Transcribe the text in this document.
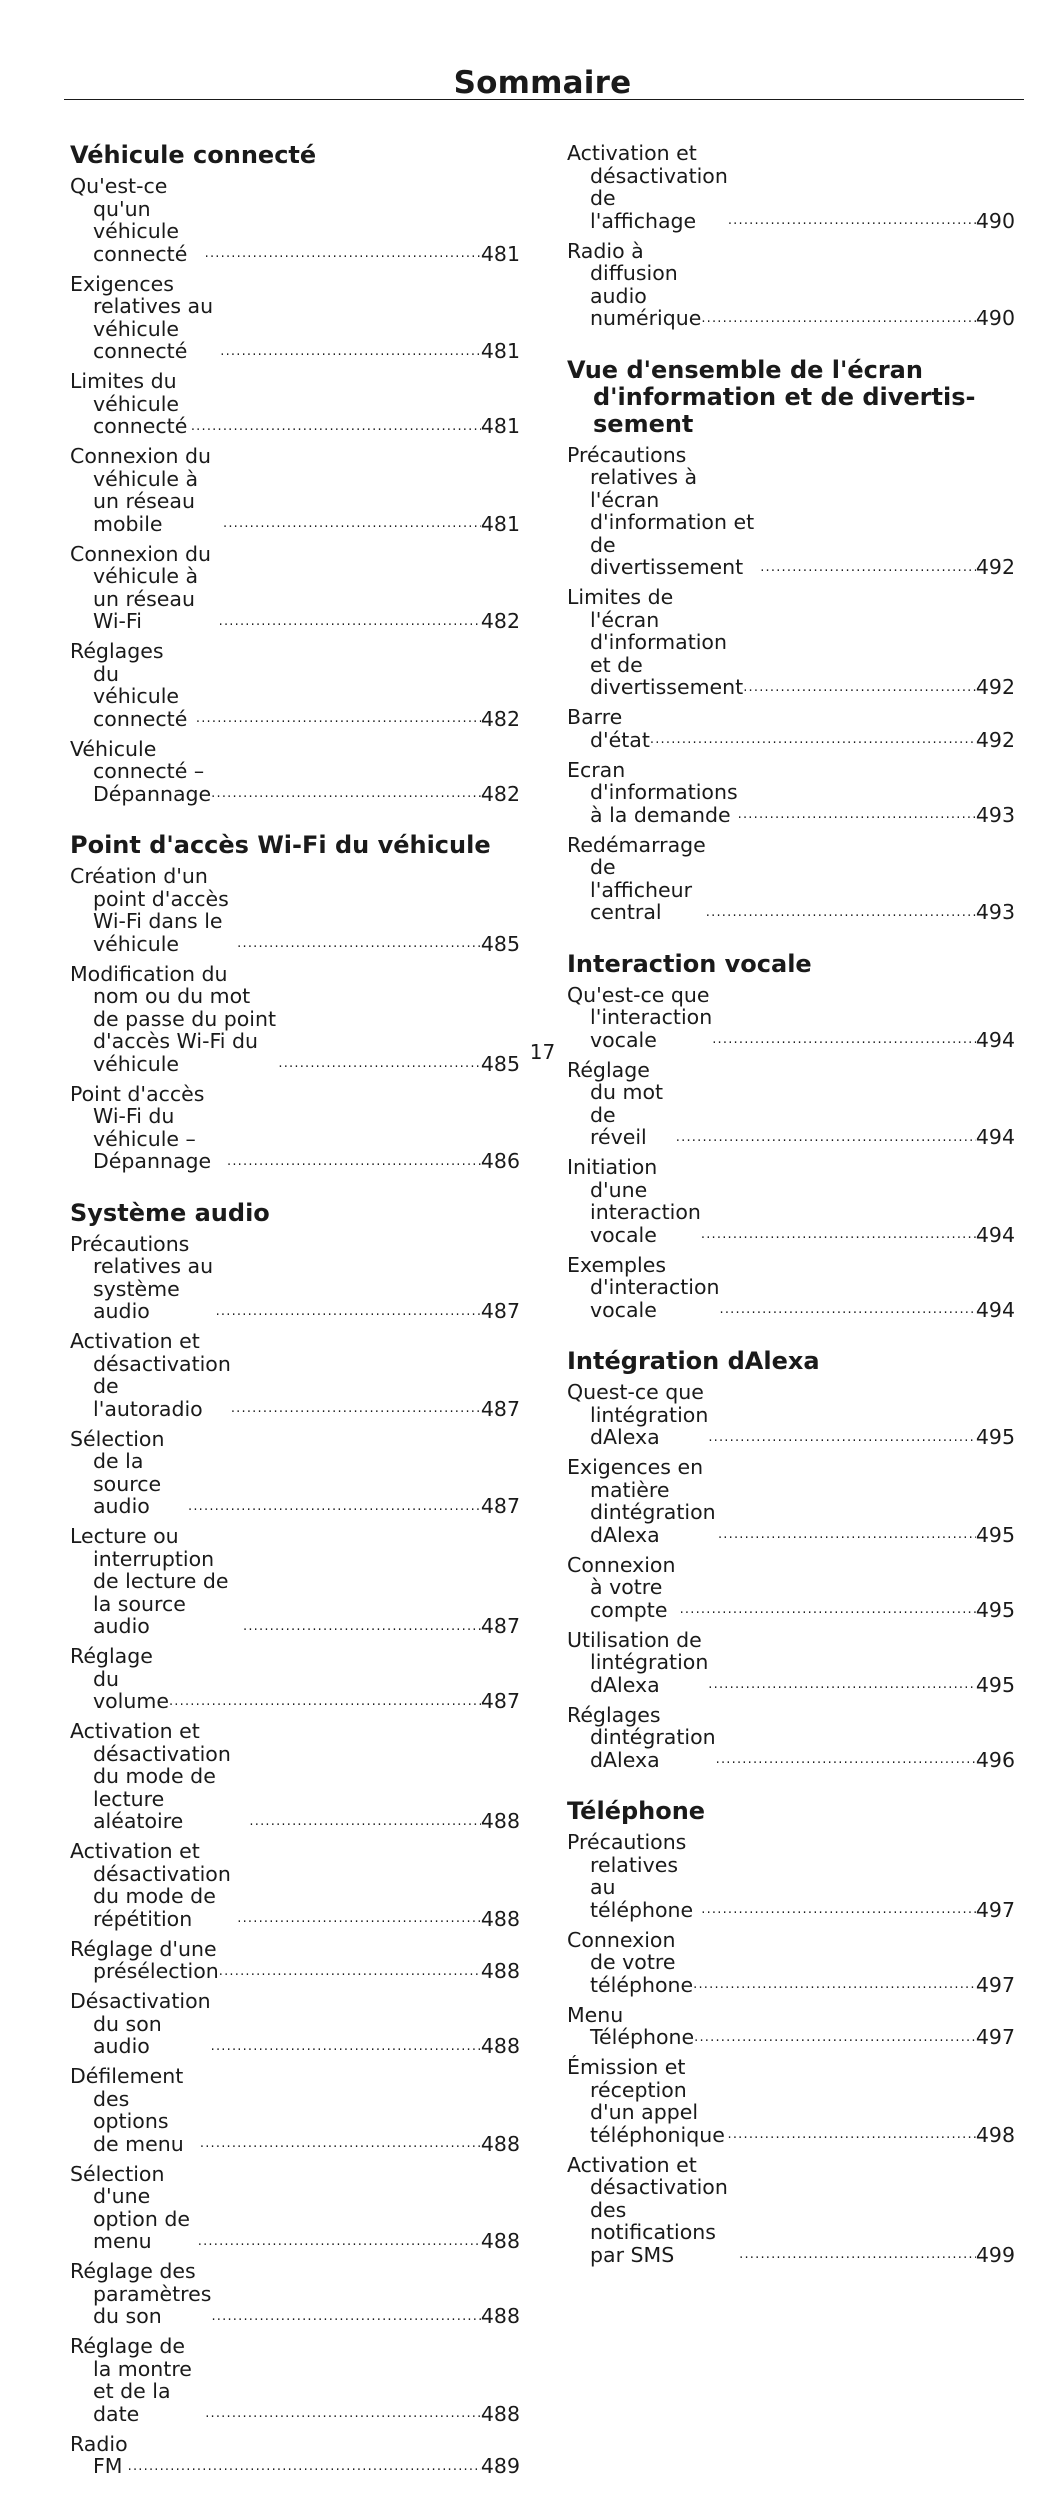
Sommaire
Véhicule connecté
Qu'est-ce qu'un véhicule connecté .....	481
Exigences relatives au véhicule connecté .....	481
Limites du véhicule connecté .....	481
Connexion du véhicule à un réseau mobile .....	481
Connexion du véhicule à un réseau Wi-Fi .....	482
Réglages du véhicule connecté .....	482
Véhicule connecté – Dépannage .....	482
Point d'accès Wi-Fi du véhicule
Création d'un point d'accès Wi-Fi dans le véhicule .....	485
Modification du nom ou du mot de passe du point d'accès Wi-Fi du véhicule .....	485
Point d'accès Wi-Fi du véhicule – Dépannage .....	486
Système audio
Précautions relatives au système audio .....	487
Activation et désactivation de l'autoradio .....	487
Sélection de la source audio .....	487
Lecture ou interruption de lecture de la source audio .....	487
Réglage du volume .....	487
Activation et désactivation du mode de lecture aléatoire .....	488
Activation et désactivation du mode de répétition .....	488
Réglage d'une présélection .....	488
Désactivation du son audio .....	488
Défilement des options de menu .....	488
Sélection d'une option de menu .....	488
Réglage des paramètres du son .....	488
Réglage de la montre et de la date .....	488
Radio FM .....	489
Activation et désactivation de l'affichage .....	490
Radio à diffusion audio numérique .....	490
Vue d'ensemble de l'écran d'information et de divertis-sement
Précautions relatives à l'écran d'information et de divertissement .....	492
Limites de l'écran d'information et de divertissement .....	492
Barre d'état .....	492
Ecran d'informations à la demande .....	493
Redémarrage de l'afficheur central .....	493
Interaction vocale
Qu'est-ce que l'interaction vocale .....	494
Réglage du mot de réveil .....	494
Initiation d'une interaction vocale .....	494
Exemples d'interaction vocale .....	494
Intégration dAlexa
Quest-ce que lintégration dAlexa .....	495
Exigences en matière dintégration dAlexa .....	495
Connexion à votre compte .....	495
Utilisation de lintégration dAlexa .....	495
Réglages dintégration dAlexa .....	496
Téléphone
Précautions relatives au téléphone .....	497
Connexion de votre téléphone .....	497
Menu Téléphone .....	497
Émission et réception d'un appel téléphonique .....	498
Activation et désactivation des notifications par SMS .....	499
17
